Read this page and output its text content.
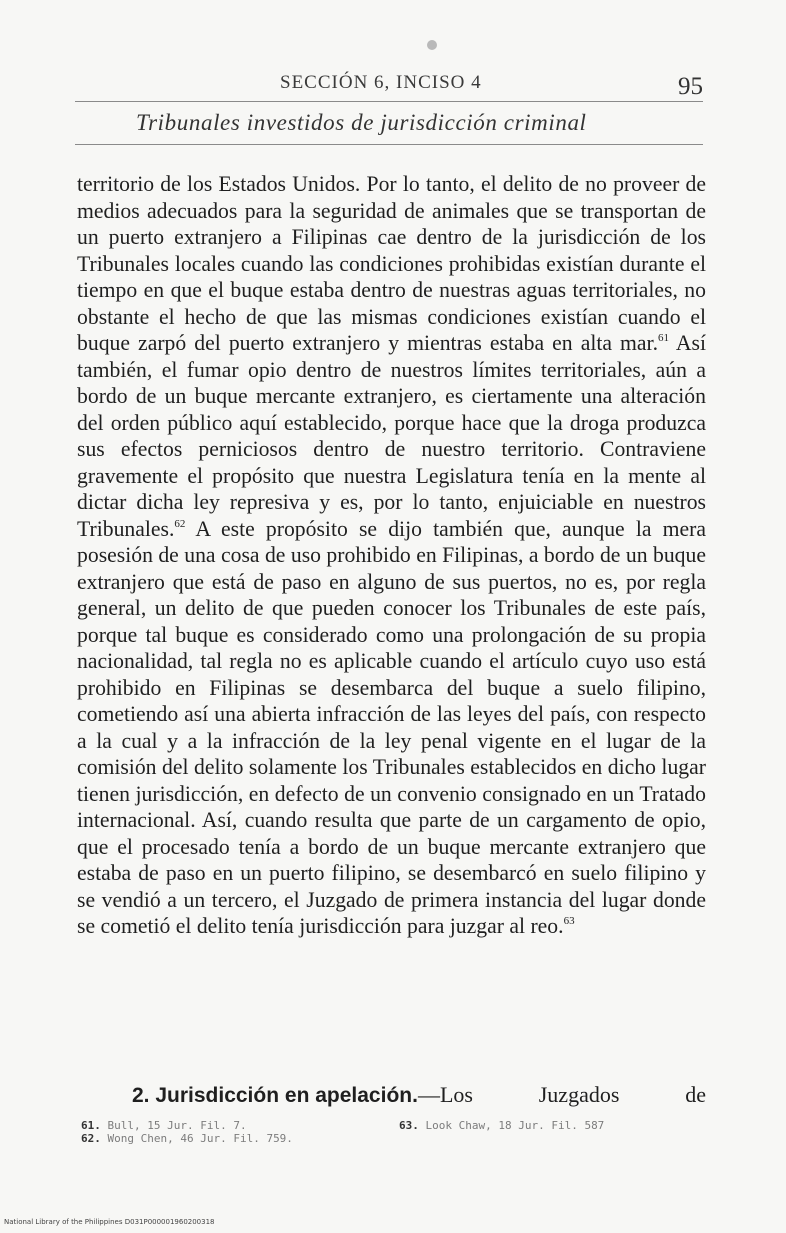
SECCIÓN 6, INCISO 4	95
Tribunales investidos de jurisdicción criminal

territorio de los Estados Unidos. Por lo tanto, el delito de no proveer de medios adecuados para la seguridad de animales que se transportan de un puerto extranjero a Filipinas cae dentro de la jurisdicción de los Tribunales locales cuando las condiciones prohibidas existían durante el tiempo en que el buque estaba dentro de nuestras aguas territoriales, no obstante el hecho de que las mismas condiciones existían cuando el buque zarpó del puerto extranjero y mientras estaba en alta mar.$^{61}$ Así también, el fumar opio dentro de nuestros límites territoriales, aún a bordo de un buque mercante extranjero, es ciertamente una alteración del orden público aquí establecido, porque hace que la droga produzca sus efectos perniciosos dentro de nuestro territorio. Contraviene gravemente el propósito que nuestra Legislatura tenía en la mente al dictar dicha ley represiva y es, por lo tanto, enjuiciable en nuestros Tribunales.$^{62}$ A este propósito se dijo también que, aunque la mera posesión de una cosa de uso prohibido en Filipinas, a bordo de un buque extranjero que está de paso en alguno de sus puertos, no es, por regla general, un delito de que pueden conocer los Tribunales de este país, porque tal buque es considerado como una prolongación de su propia nacionalidad, tal regla no es aplicable cuando el artículo cuyo uso está prohibido en Filipinas se desembarca del buque a suelo filipino, cometiendo así una abierta infracción de las leyes del país, con respecto a la cual y a la infracción de la ley penal vigente en el lugar de la comisión del delito solamente los Tribunales establecidos en dicho lugar tienen jurisdicción, en defecto de un convenio consignado en un Tratado internacional. Así, cuando resulta que parte de un cargamento de opio, que el procesado tenía a bordo de un buque mercante extranjero que estaba de paso en un puerto filipino, se desembarcó en suelo filipino y se vendió a un tercero, el Juzgado de primera instancia del lugar donde se cometió el delito tenía jurisdicción para juzgar al reo.$^{63}$

2. Jurisdicción en apelación.—Los	Juzgados	de
61. Bull, 15 Jur. Fil. 7.
62. Wong Chen, 46 Jur. Fil. 759.
63. Look Chaw, 18 Jur. Fil. 587
National Library of the Philippines D031P000001960200318
